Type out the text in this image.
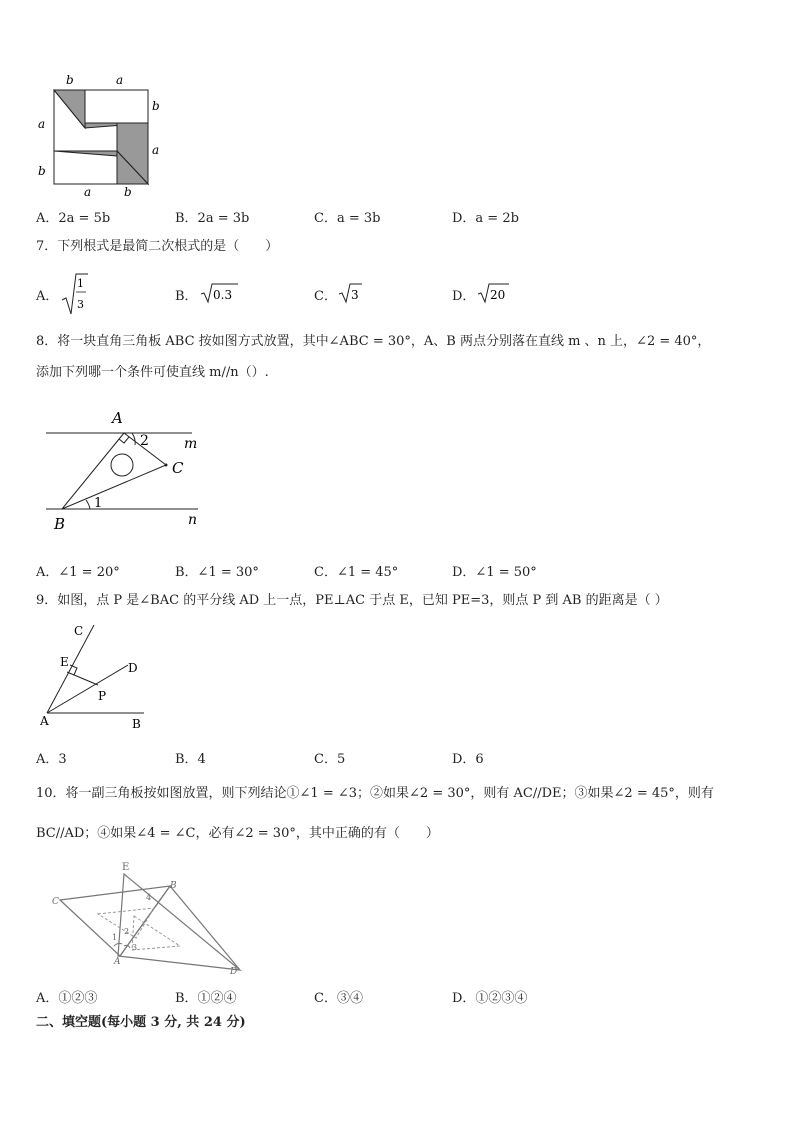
b	a
b
a
a
b
a	b
A．2a = 5b	B．2a = 3b	C．a = 3b	D．a = 2b
7．下列根式是最简二次根式的是（　　）
A．
1
3
B． 0.3	C． 3	D． 20
8．将一块直角三角板 ABC 按如图方式放置，其中∠ABC = 30°，A、B 两点分别落在直线 m 、n 上，∠2 = 40°，
添加下列哪一个条件可使直线 m//n（）.
A
2	m
C
1
B	n
A．∠1 = 20°	B．∠1 = 30°	C．∠1 = 45°	D．∠1 = 50°
9．如图，点 P 是∠BAC 的平分线 AD 上一点，PE⊥AC 于点 E，已知 PE=3，则点 P 到 AB 的距离是（ ）
C
E	D
P
A	B
A．3	B．4	C．5	D．6
10．将一副三角板按如图放置，则下列结论①∠1 = ∠3；②如果∠2 = 30°，则有 AC//DE；③如果∠2 = 45°，则有
BC//AD；④如果∠4 = ∠C，必有∠2 = 30°，其中正确的有（　　）
E
B
4
C
1
2
3
A
D
A．①②③	B．①②④	C．③④	D．①②③④
二、填空题(每小题 3 分, 共 24 分)
